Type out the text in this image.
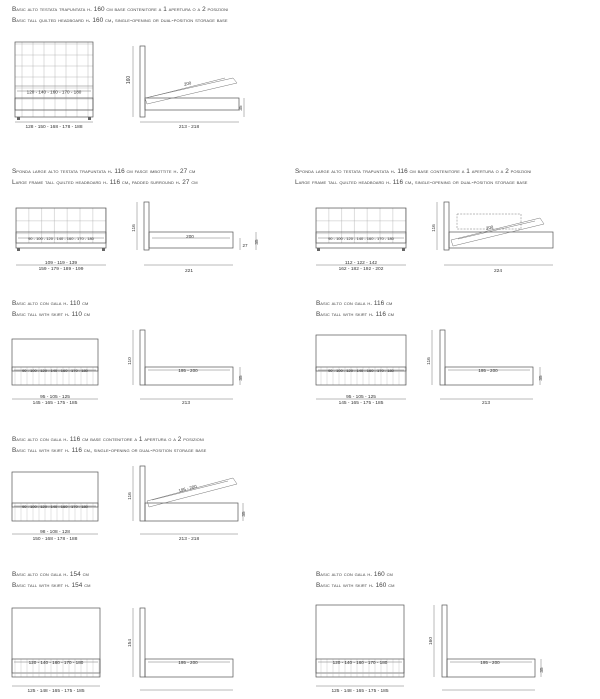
Basic alto testata trapuntata h. 160 cm base contenitore a 1 apertura o a 2 posizioni
Basic tall quilted headboard h. 160 cm, single-opening or dual-position storage base
Sponda large alto testata trapuntata h. 116 cm fasce imbottite h. 27 cm
Large frame tall quilted headboard h. 116 cm, padded surround h. 27 cm
Sponda large alto testata trapuntata h. 116 cm base contenitore a 1 apertura o a 2 posizioni
Large frame tall quilted headboard h. 116 cm, single-opening or dual-position storage base
Basic alto con gala h. 110 cm
Basic tall with skirt h. 110 cm
Basic alto con gala h. 116 cm
Basic tall with skirt h. 116 cm
Basic alto con gala h. 116 cm base contenitore a 1 apertura o a 2 posizioni
Basic tall with skirt h. 116 cm, single-opening or dual-position storage base
Basic alto con gala h. 154 cm
Basic tall with skirt h. 154 cm
Basic alto con gala h. 160 cm
Basic tall with skirt h. 160 cm
120 - 140 - 160 - 170 - 180
128 - 150 - 168 - 178 - 188
200
160
35
213 - 218
90 - 100 - 120 - 140 - 160 - 170 - 180
109 - 119 - 139
159 - 179 - 189 - 199
200
116
27
35
221
90 - 100 - 120 - 140 - 160 - 170 - 180
112 - 122 - 142
162 - 182 - 192 - 202
200
116
224
90 - 100 - 120 - 140 - 160 - 170 - 180
95 - 105 - 125
145 - 165 - 175 - 185
195 - 200
110
35
213
90 - 100 - 120 - 140 - 160 - 170 - 180
95 - 105 - 125
145 - 165 - 175 - 185
195 - 200
116
35
213
90 - 100 - 120 - 140 - 160 - 170 - 180
98 - 108 - 128
150 - 168 - 178 - 188
195 - 200
116
35
213 - 218
120 - 140 - 160 - 170 - 180
125 - 148 - 165 - 175 - 185
195 - 200
154
120 - 140 - 160 - 170 - 180
125 - 148 - 165 - 175 - 185
195 - 200
160
35
